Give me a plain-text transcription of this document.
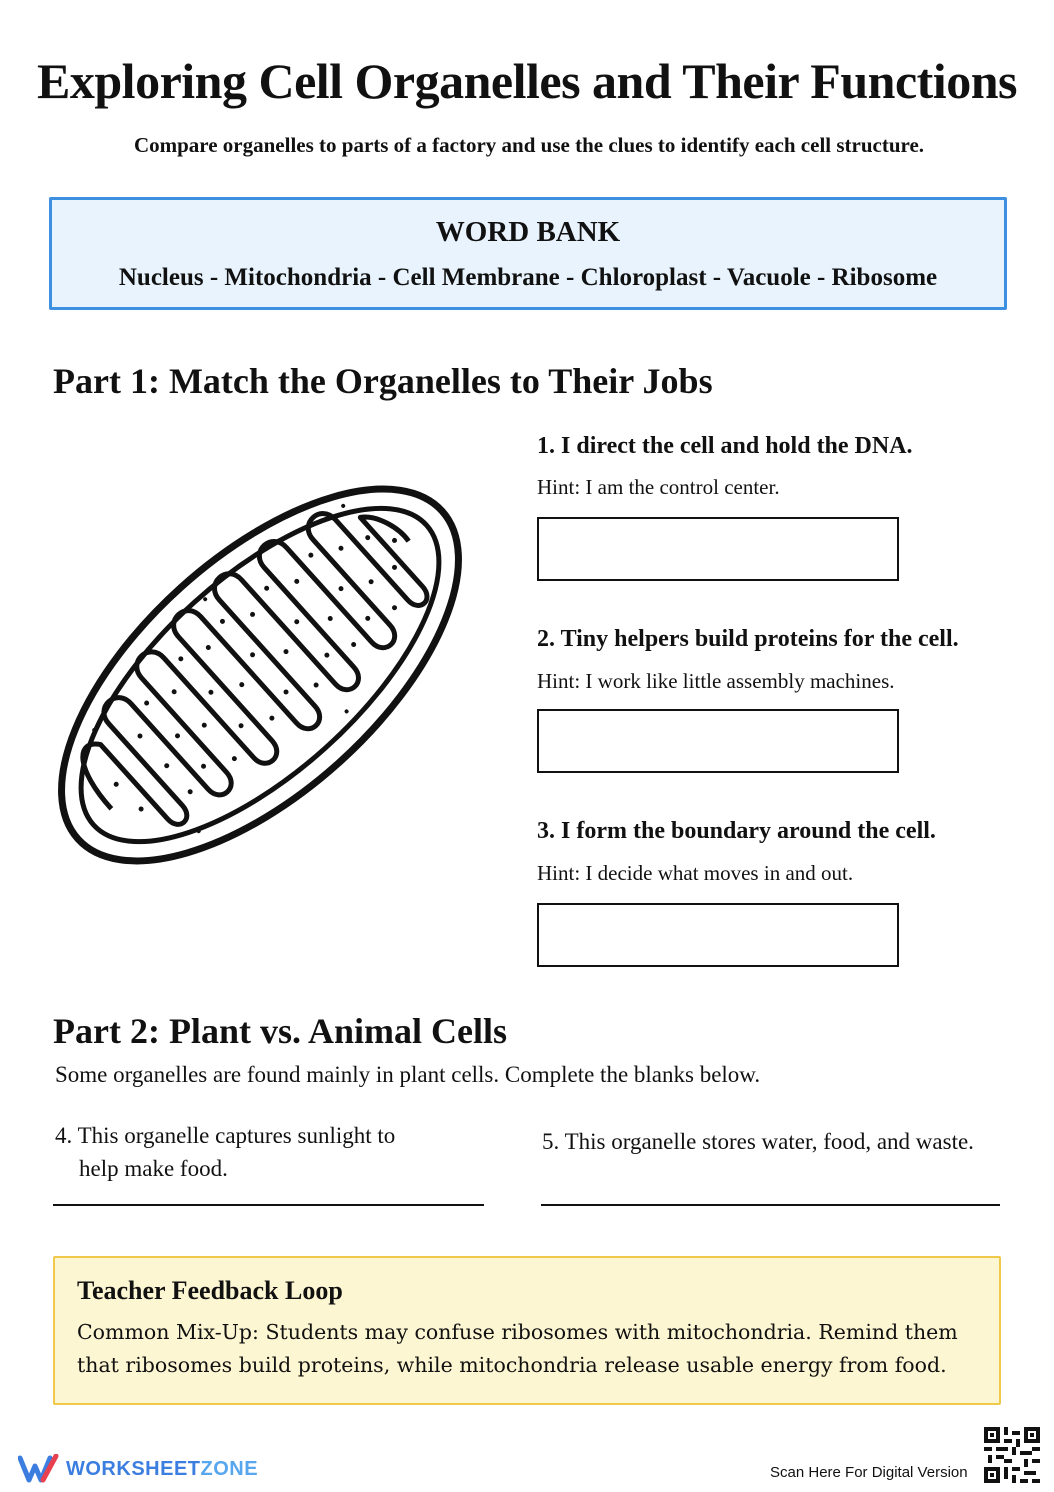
Exploring Cell Organelles and Their Functions
Compare organelles to parts of a factory and use the clues to identify each cell structure.
WORD BANK
Nucleus - Mitochondria - Cell Membrane - Chloroplast - Vacuole - Ribosome
Part 1: Match the Organelles to Their Jobs
1. I direct the cell and hold the DNA.
Hint: I am the control center.
2. Tiny helpers build proteins for the cell.
Hint: I work like little assembly machines.
3. I form the boundary around the cell.
Hint: I decide what moves in and out.
Part 2: Plant vs. Animal Cells
Some organelles are found mainly in plant cells. Complete the blanks below.
4. This organelle captures sunlight to
help make food.
5. This organelle stores water, food, and waste.
Teacher Feedback Loop
Common Mix-Up: Students may confuse ribosomes with mitochondria. Remind them
that ribosomes build proteins, while mitochondria release usable energy from food.
WORKSHEETZONE	Scan Here For Digital Version
